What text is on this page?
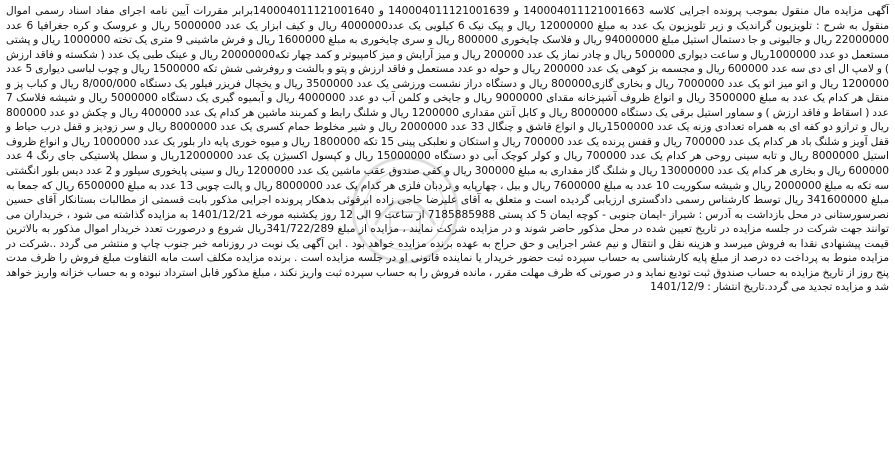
آگهی مزایده مال منقول بموجب پرونده اجرایی کلاسه 140004011121001663 و 140004011121001639 و 140004011121001640برابر مقررات آیین نامه اجرای مفاد اسناد رسمی اموال منقول به شرح : تلویزیون گراندیک و زیر تلویزیون یک عدد به مبلغ 12000000 ریال و پیک نیک 6 کیلویی یک عدد4000000 ریال و کیف ابزار یک عدد 5000000 ریال و عروسک و کره جغرافیا 6 عدد 22000000 ریال و جالیونی و جا دستمال استیل مبلغ 94000000 ریال و فلاسک چایخوری 800000 ریال و سری چایخوری به مبلغ 1600000 ریال و فرش ماشینی 9 متری یک تخته 1000000 ریال و پشتی مستعمل دو عدد 1000000ریال و ساعت دیواری 500000 ریال و چادر نماز یک عدد 200000 ریال و میز آرایش و میز کامپیوتر و کمد چهار تکه20000000 ریال و عینک طبی یک عدد ( شکسته و فاقد ارزش ) و لامپ ال ای دی سه عدد 600000 ریال و مجسمه بز کوهی یک عدد 200000 ریال و حوله دو عدد مستعمل و فاقد ارزش و پتو و بالشت و روفرشی شش تکه 1500000 ریال و چوب لباسی دیواری 5 عدد 1200000 ریال و اتو میز اتو یک عدد 7000000 ریال و بخاری گازی800000 ریال و دستگاه دراز نشست ورزشی یک عدد 3500000 ریال و یخچال فریزر فیلور یک دستگاه 8/000/000 ریال و کباب پز و منقل هر کدام یک عدد به مبلغ 3500000 ریال و انواع ظروف آشپزخانه مقدای 9000000 ریال و جایخی و کلمن آب دو عدد 4000000 ریال و آبمیوه گیری یک دستگاه 5000000 ریال و شیشه فلاسک 7 عدد ( اسقاط و فاقد ارزش ) و سماور استیل برقی یک دستگاه 8000000 ریال و کابل آنتن مقداری 1200000 ریال و شلنگ رابط و کمربند ماشین هر کدام یک عدد 400000 ریال و چکش دو عدد 800000 ریال و ترازو دو کفه ای به همراه تعدادی وزنه یک عدد 1500000ریال و انواع قاشق و چنگال 33 عدد 2000000 ریال و شیر مخلوط حمام کسری یک عدد 8000000 ریال و سر زودپز و قفل درب حیاط و قفل آویز و شلنگ باد هر کدام یک عدد 700000 ریال و قفس پرنده یک عدد 700000 ریال و استکان و نعلبکی پینی 15 تکه 1800000 ریال و میوه خوری پایه دار بلور یک عدد 1000000 ریال و انواع ظروف استیل 8000000 ریال و تابه سینی روحی هر کدام یک عدد 700000 ریال و کولر کوچک آبی دو دستگاه 15000000 ریال و کپسول اکسیژن یک عدد 12000000ریال و سطل پلاستیکی جای رنگ 4 عدد 600000 ریال و بخاری هر کدام یک عدد 13000000 ریال و شلنگ گاز مقداری به مبلغ 300000 ریال و کفی صندوق عقب ماشین یک عدد 1200000 ریال و سینی پایخوری سیلور و 2 عدد دیس بلور انگشتی سه تکه به مبلغ 2000000 ریال و شیشه سکوریت 10 عدد به مبلغ 7600000 ریال و بیل ، چهارپایه و نردبان فلزی هر کدام یک عدد 8000000 ریال و پالت چوبی 13 عدد به مبلغ 6500000 ریال که جمعا به مبلغ 341600000 ریال توسط کارشناس رسمی دادگستری ارزیابی گردیده است و متعلق به آقای علیرضا حاجی زاده ابرقوئی بدهکار پرونده اجرایی مذکور بابت قسمتی از مطالبات بستانکار آقای حسین نصرسورستانی در محل بازداشت به آدرس : شیراز -ایمان جنوبی - کوچه ایمان 5 کد پستی 7185885988 از ساعت 9 الی 12 روز یکشنبه مورخه 1401/12/21 به مزایده گذاشته می شود ، خریداران می توانند جهت شرکت در جلسه مزایده در تاریخ تعیین شده در محل مذکور حاضر شوند و در مزایده شرکت نمایند ، مزایده از مبلغ 341/722/289ریال شروع و درصورت تعدد خریدار اموال مذکور به بالاترین قیمت پیشنهادی نقدا به فروش میرسد و هزینه نقل و انتقال و نیم عشر اجرایی و حق حراج به عهده برنده مزایده خواهد بود . این آگهی یک نوبت در روزنامه خبر جنوب چاپ و منتشر می گردد ..شرکت در مزایده منوط به پرداخت ده درصد از مبلغ پایه کارشناسی به حساب سپرده ثبت حضور خریدار یا نماینده قانونی او در جلسه مزایده است . برنده مزایده مکلف است مابه التفاوت مبلغ فروش را ظرف مدت پنج روز از تاریخ مزایده به حساب صندوق ثبت تودیع نماید و در صورتی که ظرف مهلت مقرر ، مانده فروش را به حساب سپرده ثبت واریز نکند ، مبلغ مذکور قابل استرداد نبوده و به حساب خزانه واریز خواهد شد و مزایده تجدید می گردد.تاریخ انتشار : 1401/12/9
